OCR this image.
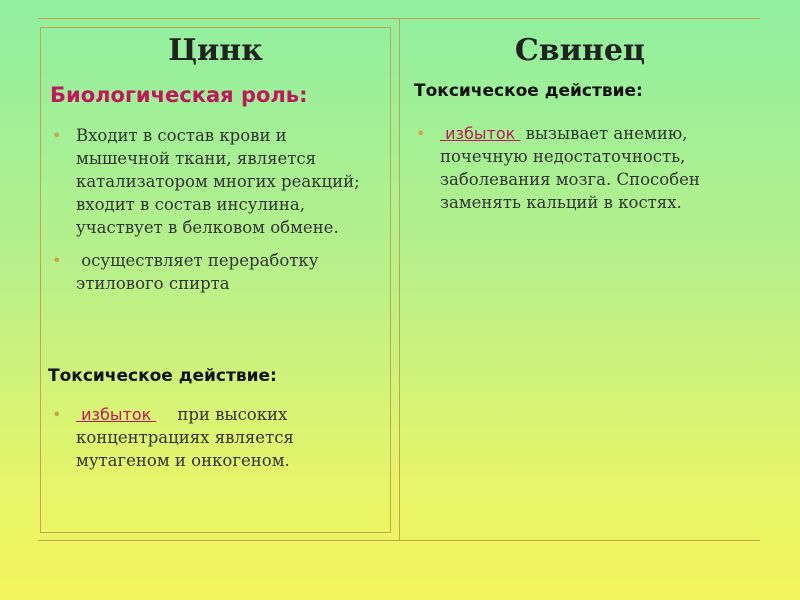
Цинк
Биологическая роль:
• Входит в состав крови и мышечной ткани, является катализатором многих реакций; входит в состав инсулина, участвует в белковом обмене.
• осуществляет переработку этилового спирта
Токсическое действие:
• избыток     при высоких концентрациях является мутагеном и онкогеном.
Свинец
Токсическое действие:
• избыток  вызывает анемию, почечную недостаточность, заболевания мозга. Способен заменять кальций в костях.
